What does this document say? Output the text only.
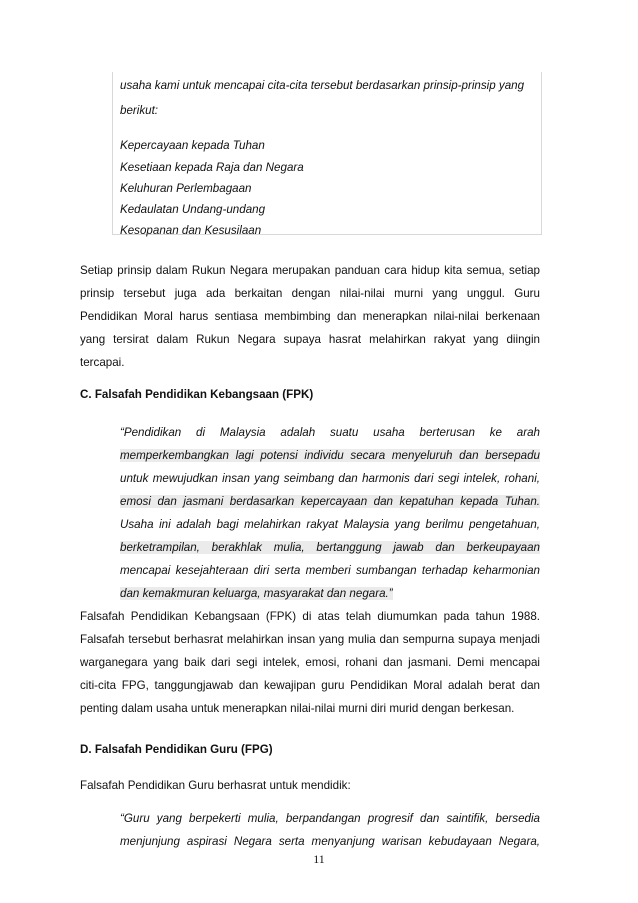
usaha kami untuk mencapai cita-cita tersebut berdasarkan prinsip-prinsip yang
berikut:
Kepercayaan kepada Tuhan
Kesetiaan kepada Raja dan Negara
Keluhuran Perlembagaan
Kedaulatan Undang-undang
Kesopanan dan Kesusilaan
Setiap prinsip dalam Rukun Negara merupakan panduan cara hidup kita semua, setiap
prinsip tersebut juga ada berkaitan dengan nilai-nilai murni yang unggul. Guru
Pendidikan Moral harus sentiasa membimbing dan menerapkan nilai-nilai berkenaan
yang tersirat dalam Rukun Negara supaya hasrat melahirkan rakyat yang diingin
tercapai.
C. Falsafah Pendidikan Kebangsaan (FPK)
“Pendidikan di Malaysia adalah suatu usaha berterusan ke arah
memperkembangkan lagi potensi individu secara menyeluruh dan bersepadu
untuk mewujudkan insan yang seimbang dan harmonis dari segi intelek, rohani,
emosi dan jasmani berdasarkan kepercayaan dan kepatuhan kepada Tuhan.
Usaha ini adalah bagi melahirkan rakyat Malaysia yang berilmu pengetahuan,
berketrampilan, berakhlak mulia, bertanggung jawab dan berkeupayaan
mencapai kesejahteraan diri serta memberi sumbangan terhadap keharmonian
dan kemakmuran keluarga, masyarakat dan negara.”
Falsafah Pendidikan Kebangsaan (FPK) di atas telah diumumkan pada tahun 1988.
Falsafah tersebut berhasrat melahirkan insan yang mulia dan sempurna supaya menjadi
warganegara yang baik dari segi intelek, emosi, rohani dan jasmani. Demi mencapai
citi-cita FPG, tanggungjawab dan kewajipan guru Pendidikan Moral adalah berat dan
penting dalam usaha untuk menerapkan nilai-nilai murni diri murid dengan berkesan.
D. Falsafah Pendidikan Guru (FPG)
Falsafah Pendidikan Guru berhasrat untuk mendidik:
“Guru yang berpekerti mulia, berpandangan progresif dan saintifik, bersedia
menjunjung aspirasi Negara serta menyanjung warisan kebudayaan Negara,
11
